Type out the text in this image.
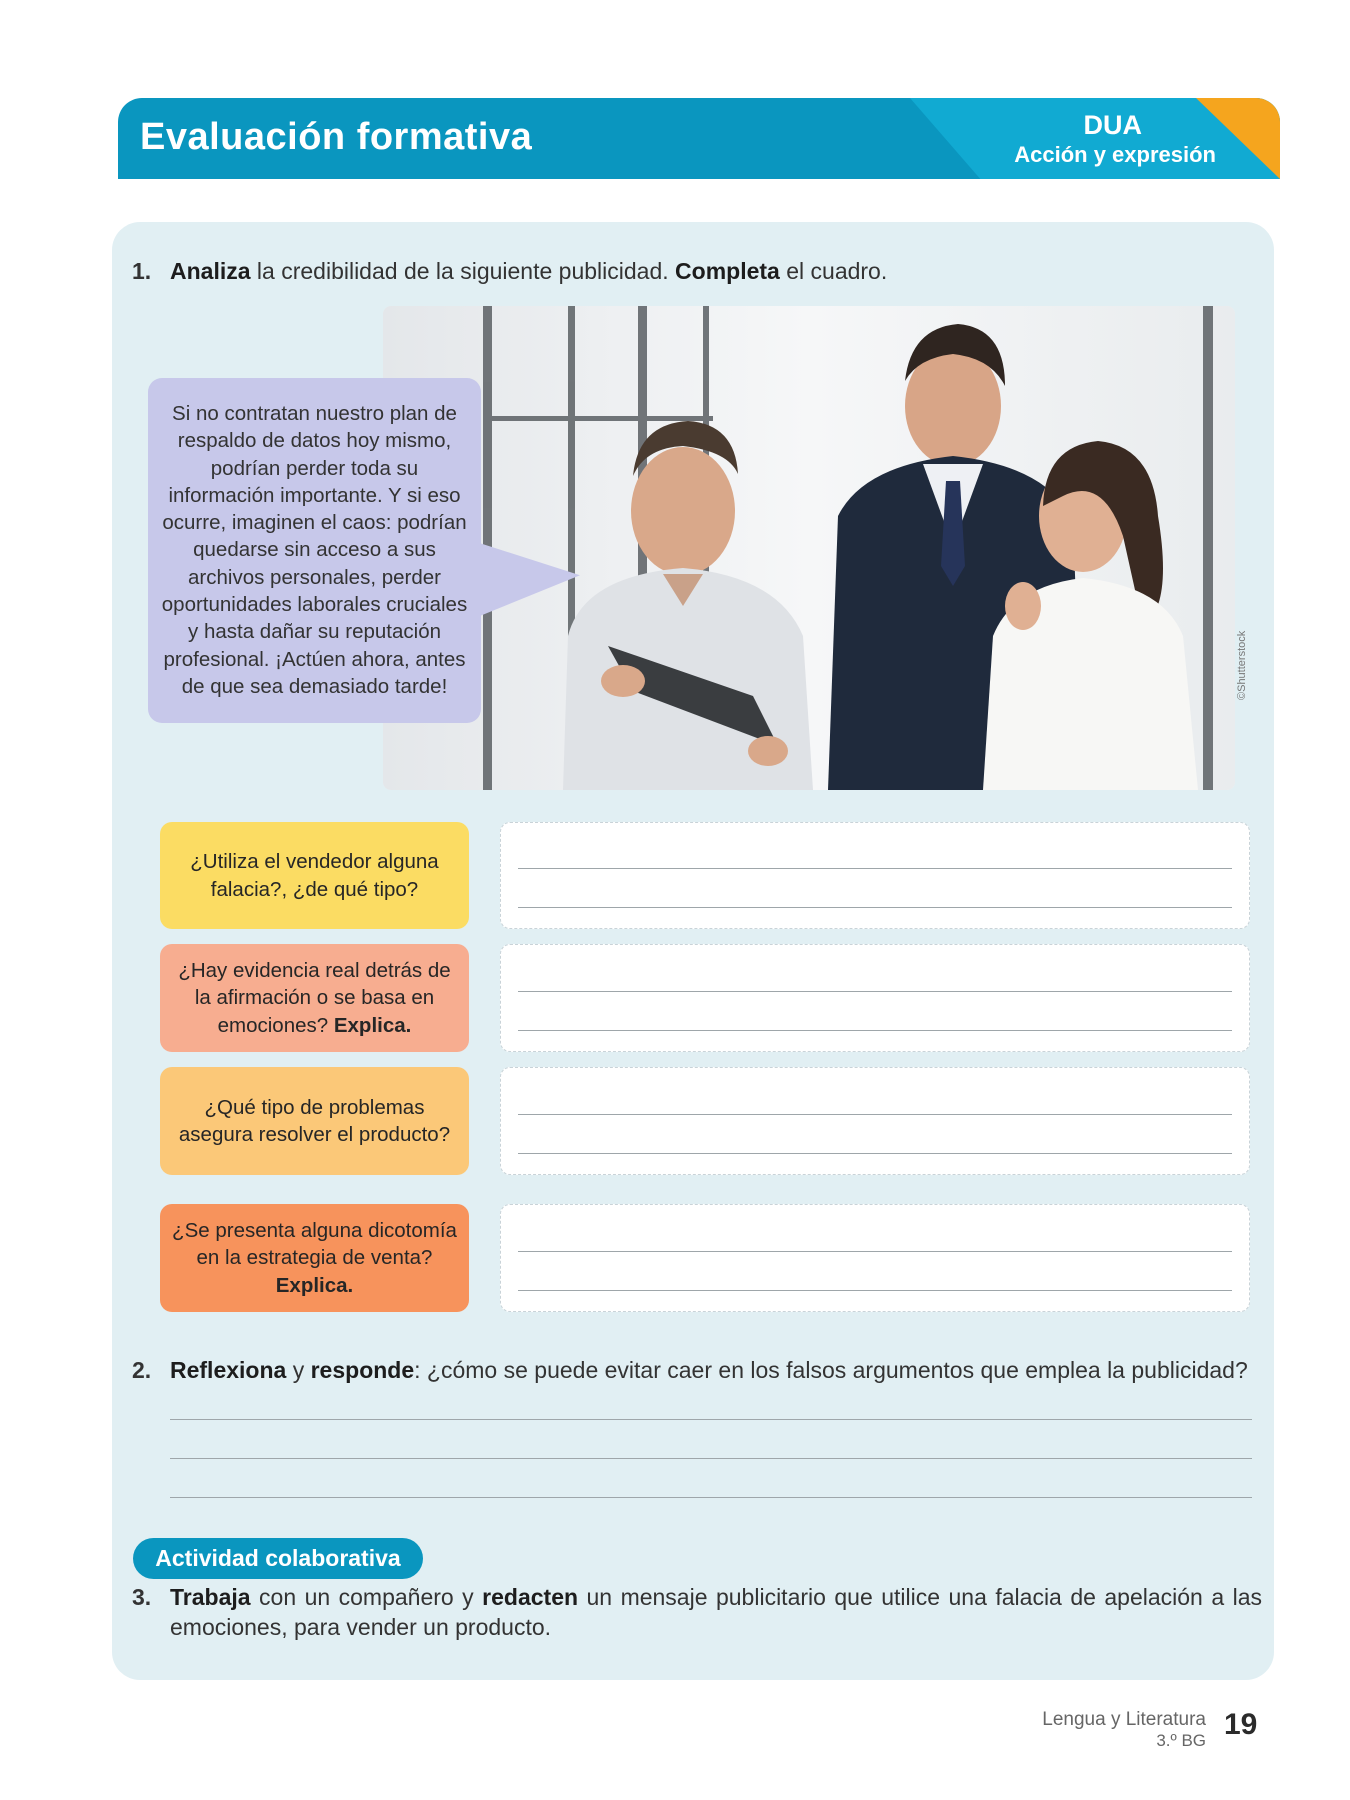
Evaluación formativa	DUA
Acción y expresión
1. Analiza la credibilidad de la siguiente publicidad. Completa el cuadro.
©Shutterstock
Si no contratan nuestro plan de respaldo de datos hoy mismo, podrían perder toda su información importante. Y si eso ocurre, imaginen el caos: podrían quedarse sin acceso a sus archivos personales, perder oportunidades laborales cruciales y hasta dañar su reputación profesional. ¡Actúen ahora, antes de que sea demasiado tarde!
¿Utiliza el vendedor alguna falacia?, ¿de qué tipo?
¿Hay evidencia real detrás de la afirmación o se basa en emociones? Explica.
¿Qué tipo de problemas asegura resolver el producto?
¿Se presenta alguna dicotomía en la estrategia de venta? Explica.
2. Reflexiona y responde: ¿cómo se puede evitar caer en los falsos argumentos que emplea la publicidad?
Actividad colaborativa
3. Trabaja con un compañero y redacten un mensaje publicitario que utilice una falacia de apelación a las emociones, para vender un producto.
Lengua y Literatura
3.º BG 19
